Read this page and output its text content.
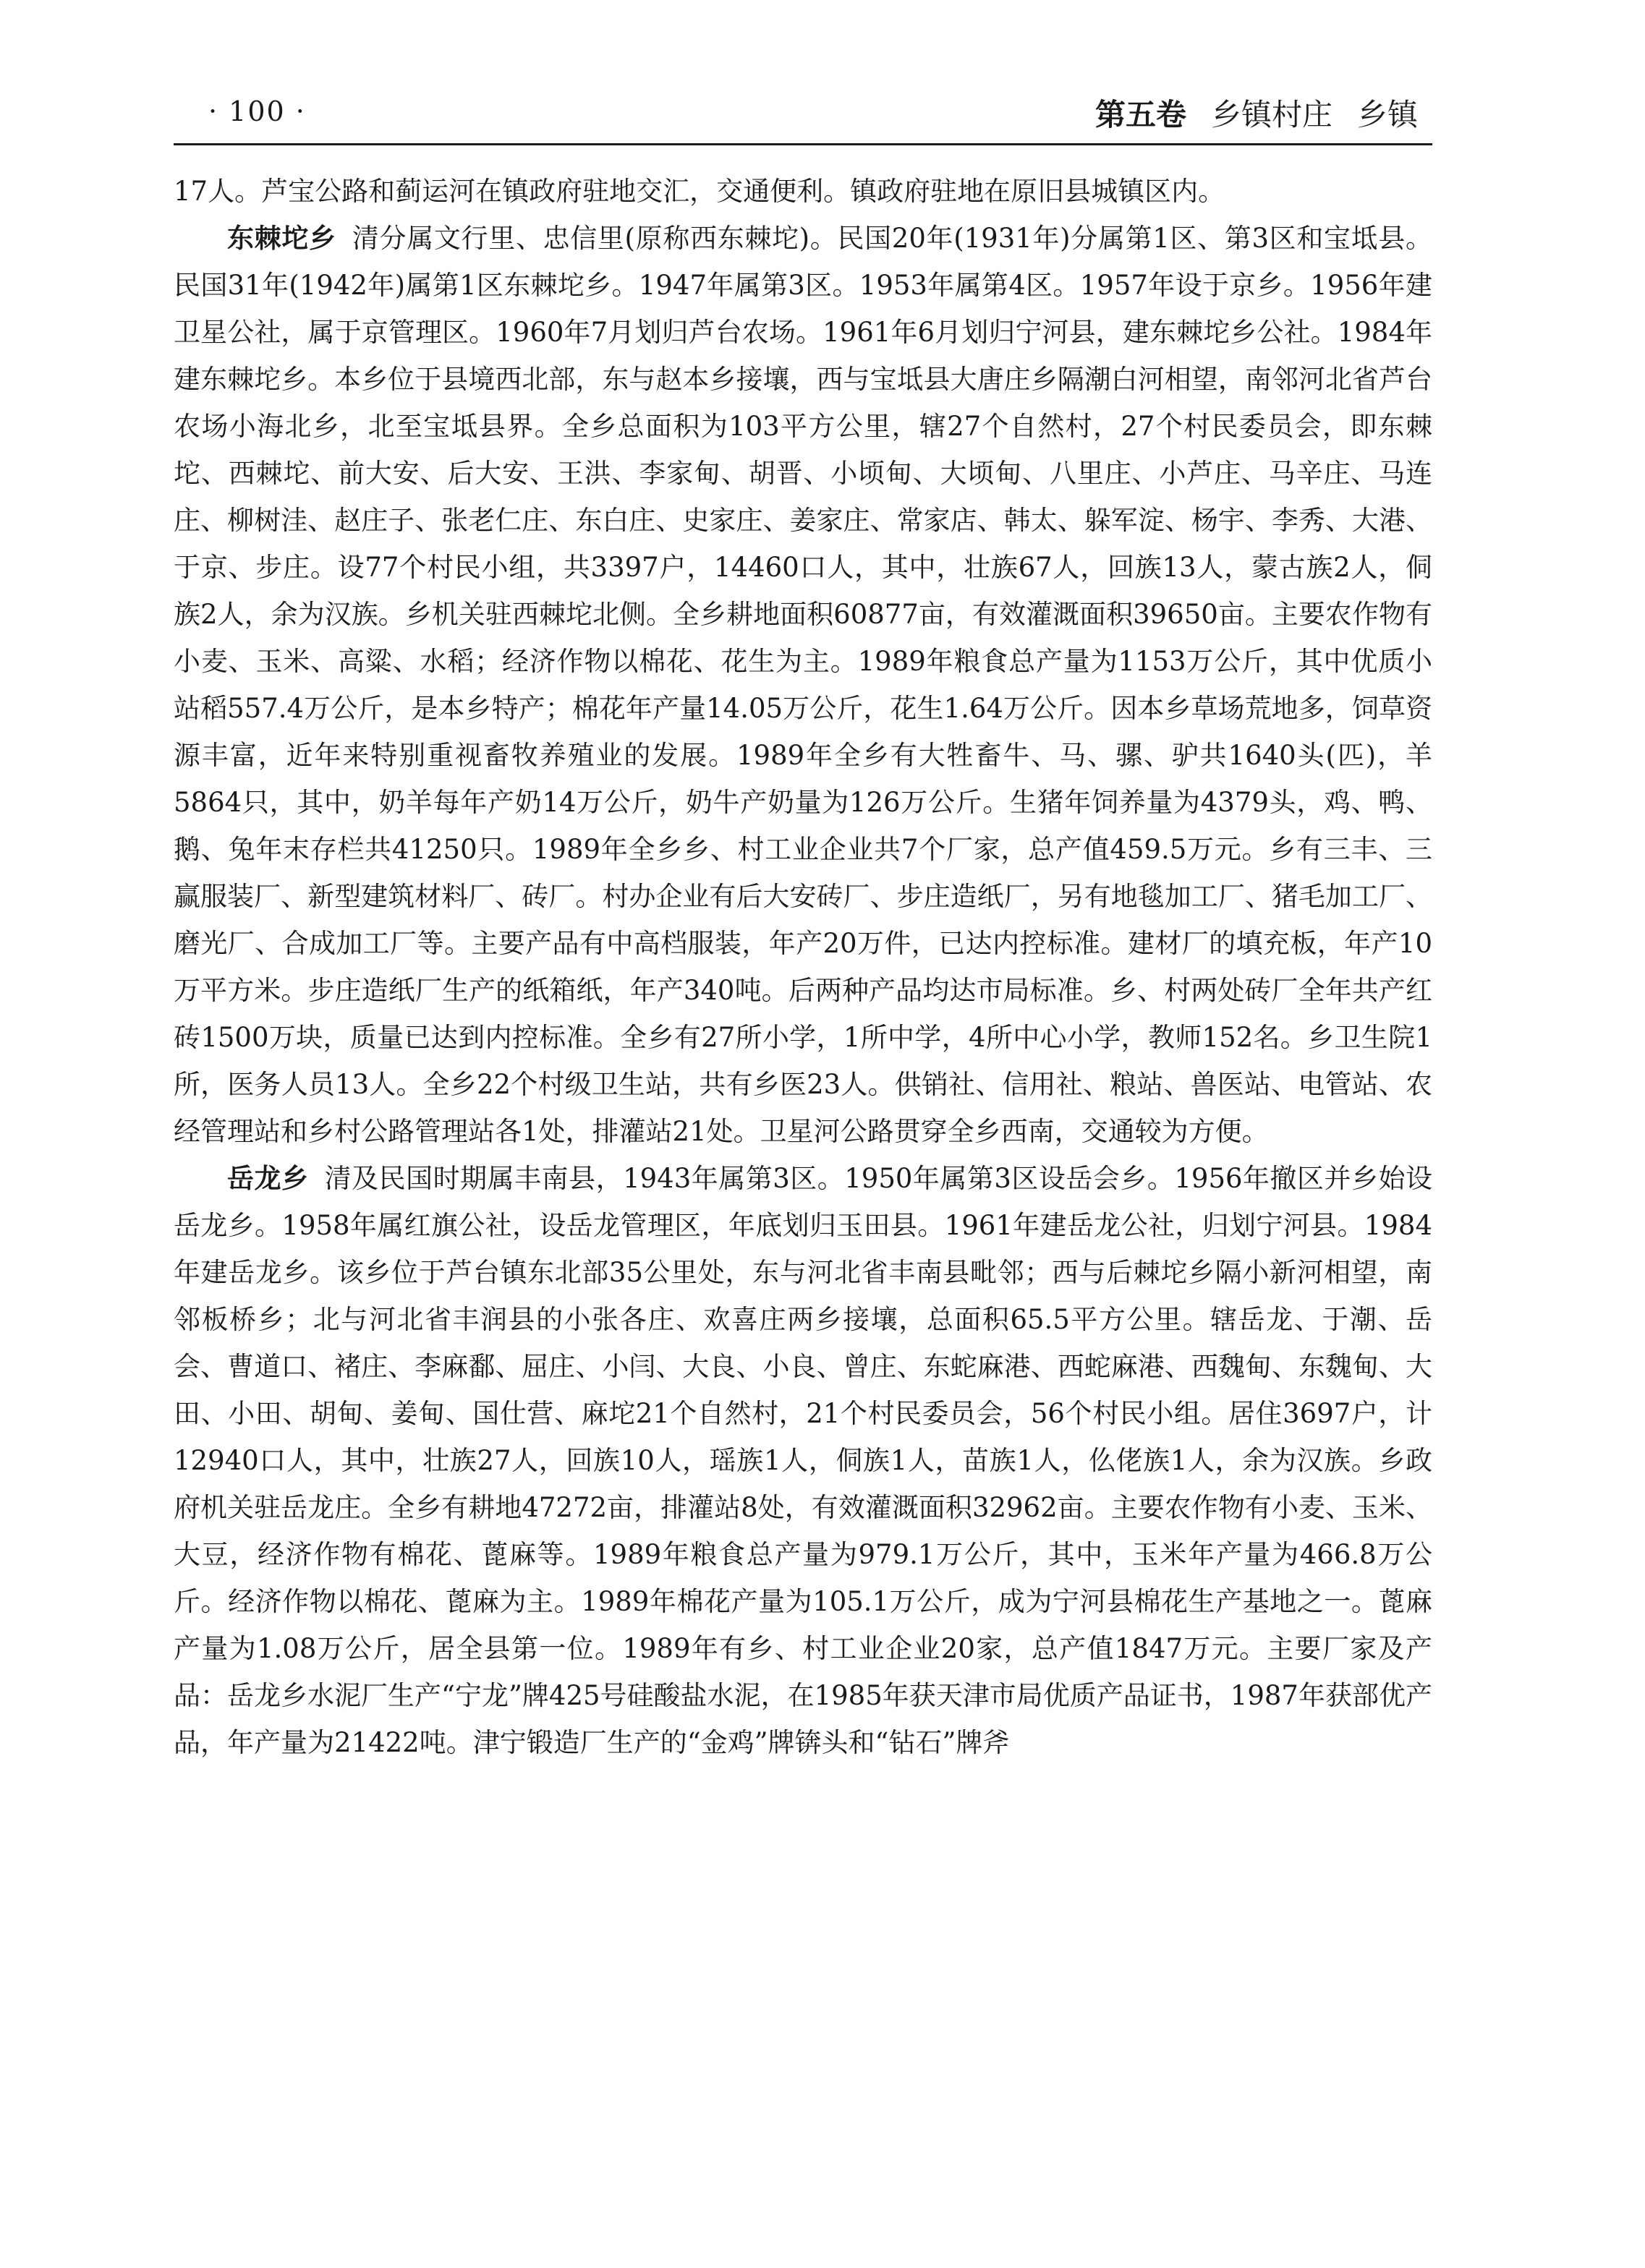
· 100 ·	第五卷 乡镇村庄 乡镇

17人。芦宝公路和蓟运河在镇政府驻地交汇，交通便利。镇政府驻地在原旧县城镇区内。

东棘坨乡 清分属文行里、忠信里(原称西东棘坨)。民国20年(1931年)分属第1区、第3区和宝坻县。民国31年(1942年)属第1区东棘坨乡。1947年属第3区。1953年属第4区。1957年设于京乡。1956年建卫星公社，属于京管理区。1960年7月划归芦台农场。1961年6月划归宁河县，建东棘坨乡公社。1984年建东棘坨乡。本乡位于县境西北部，东与赵本乡接壤，西与宝坻县大唐庄乡隔潮白河相望，南邻河北省芦台农场小海北乡，北至宝坻县界。全乡总面积为103平方公里，辖27个自然村，27个村民委员会，即东棘坨、西棘坨、前大安、后大安、王洪、李家甸、胡晋、小顷甸、大顷甸、八里庄、小芦庄、马辛庄、马连庄、柳树洼、赵庄子、张老仁庄、东白庄、史家庄、姜家庄、常家店、韩太、躲军淀、杨宇、李秀、大港、于京、步庄。设77个村民小组，共3397户，14460口人，其中，壮族67人，回族13人，蒙古族2人，侗族2人，余为汉族。乡机关驻西棘坨北侧。全乡耕地面积60877亩，有效灌溉面积39650亩。主要农作物有小麦、玉米、高粱、水稻；经济作物以棉花、花生为主。1989年粮食总产量为1153万公斤，其中优质小站稻557.4万公斤，是本乡特产；棉花年产量14.05万公斤，花生1.64万公斤。因本乡草场荒地多，饲草资源丰富，近年来特别重视畜牧养殖业的发展。1989年全乡有大牲畜牛、马、骡、驴共1640头(匹)，羊5864只，其中，奶羊每年产奶14万公斤，奶牛产奶量为126万公斤。生猪年饲养量为4379头，鸡、鸭、鹅、兔年末存栏共41250只。1989年全乡乡、村工业企业共7个厂家，总产值459.5万元。乡有三丰、三赢服装厂、新型建筑材料厂、砖厂。村办企业有后大安砖厂、步庄造纸厂，另有地毯加工厂、猪毛加工厂、磨光厂、合成加工厂等。主要产品有中高档服装，年产20万件，已达内控标准。建材厂的填充板，年产10万平方米。步庄造纸厂生产的纸箱纸，年产340吨。后两种产品均达市局标准。乡、村两处砖厂全年共产红砖1500万块，质量已达到内控标准。全乡有27所小学，1所中学，4所中心小学，教师152名。乡卫生院1所，医务人员13人。全乡22个村级卫生站，共有乡医23人。供销社、信用社、粮站、兽医站、电管站、农经管理站和乡村公路管理站各1处，排灌站21处。卫星河公路贯穿全乡西南，交通较为方便。

岳龙乡 清及民国时期属丰南县，1943年属第3区。1950年属第3区设岳会乡。1956年撤区并乡始设岳龙乡。1958年属红旗公社，设岳龙管理区，年底划归玉田县。1961年建岳龙公社，归划宁河县。1984年建岳龙乡。该乡位于芦台镇东北部35公里处，东与河北省丰南县毗邻；西与后棘坨乡隔小新河相望，南邻板桥乡；北与河北省丰润县的小张各庄、欢喜庄两乡接壤，总面积65.5平方公里。辖岳龙、于潮、岳会、曹道口、褚庄、李麻鄱、屈庄、小闫、大良、小良、曾庄、东蛇麻港、西蛇麻港、西魏甸、东魏甸、大田、小田、胡甸、姜甸、国仕营、麻坨21个自然村，21个村民委员会，56个村民小组。居住3697户，计12940口人，其中，壮族27人，回族10人，瑶族1人，侗族1人，苗族1人，仫佬族1人，余为汉族。乡政府机关驻岳龙庄。全乡有耕地47272亩，排灌站8处，有效灌溉面积32962亩。主要农作物有小麦、玉米、大豆，经济作物有棉花、蓖麻等。1989年粮食总产量为979.1万公斤，其中，玉米年产量为466.8万公斤。经济作物以棉花、蓖麻为主。1989年棉花产量为105.1万公斤，成为宁河县棉花生产基地之一。蓖麻产量为1.08万公斤，居全县第一位。1989年有乡、村工业企业20家，总产值1847万元。主要厂家及产品：岳龙乡水泥厂生产“宁龙”牌425号硅酸盐水泥，在1985年获天津市局优质产品证书，1987年获部优产品，年产量为21422吨。津宁锻造厂生产的“金鸡”牌锛头和“钻石”牌斧
